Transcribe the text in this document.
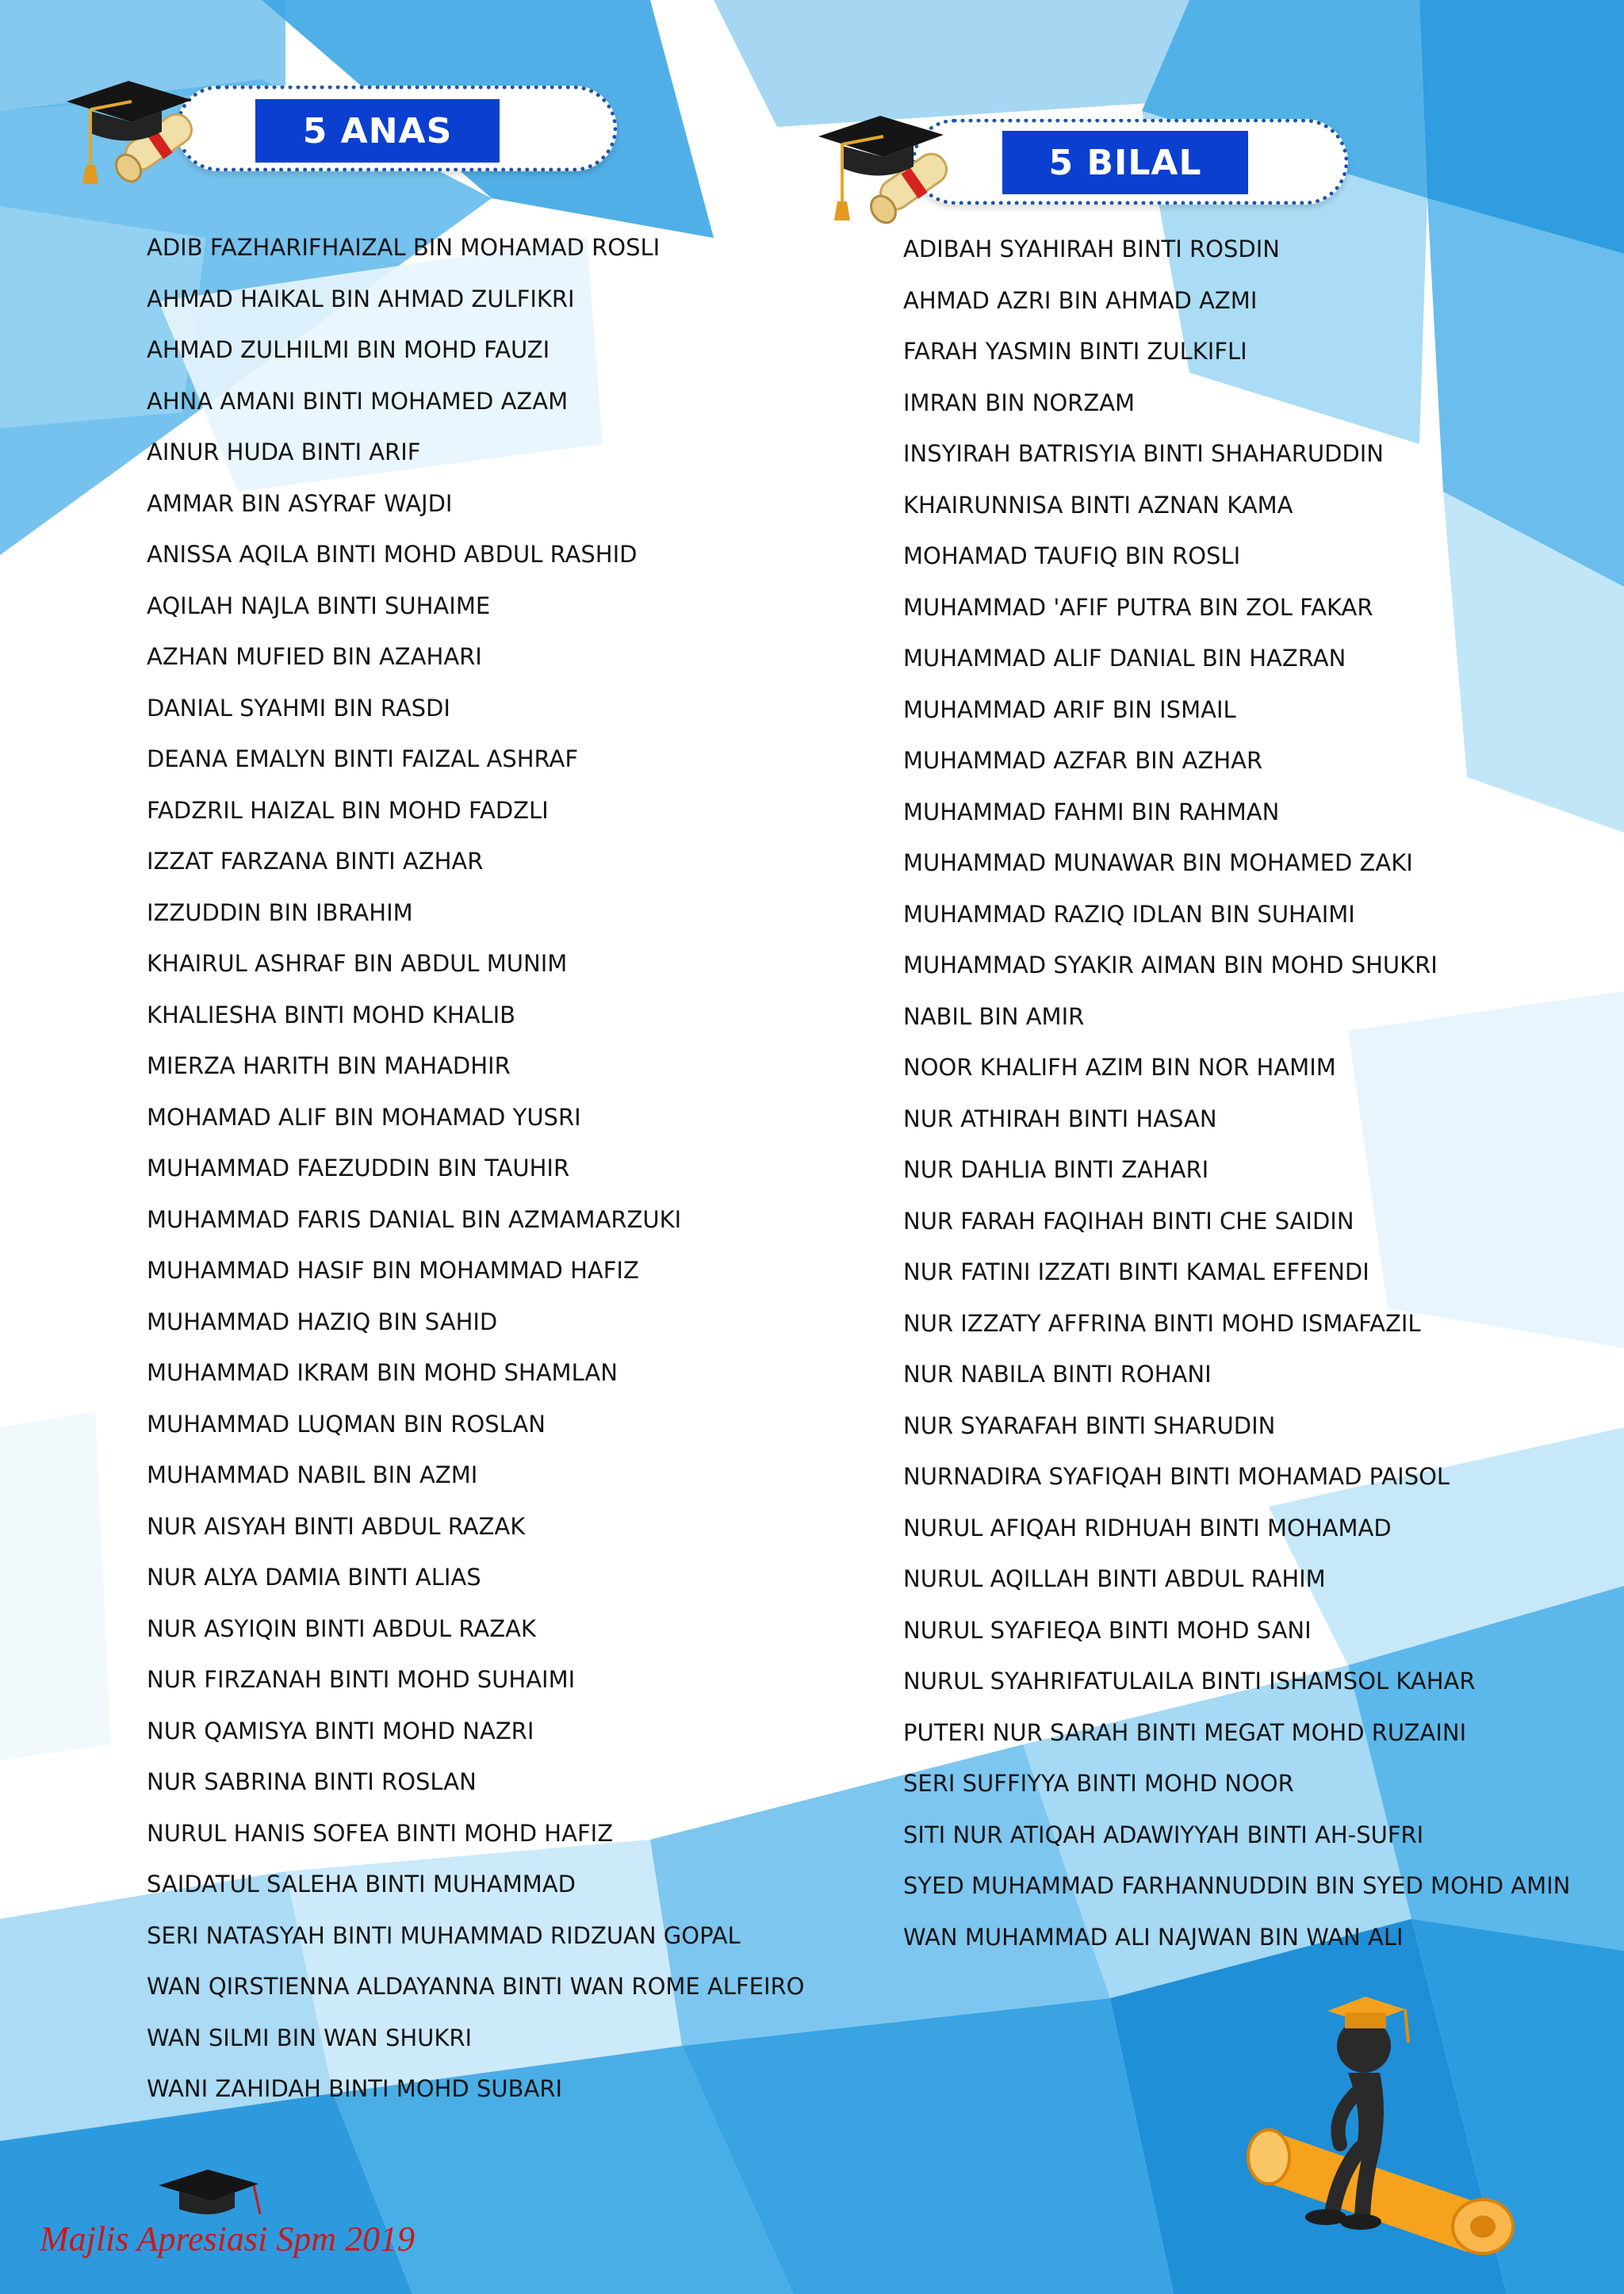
5 ANAS
5 BILAL
ADIB FAZHARIFHAIZAL BIN MOHAMAD ROSLI
AHMAD HAIKAL BIN AHMAD ZULFIKRI
AHMAD ZULHILMI BIN MOHD FAUZI
AHNA AMANI BINTI MOHAMED AZAM
AINUR HUDA BINTI ARIF
AMMAR BIN ASYRAF WAJDI
ANISSA AQILA BINTI MOHD ABDUL RASHID
AQILAH NAJLA BINTI SUHAIME
AZHAN MUFIED BIN AZAHARI
DANIAL SYAHMI BIN RASDI
DEANA EMALYN BINTI FAIZAL ASHRAF
FADZRIL HAIZAL BIN MOHD FADZLI
IZZAT FARZANA BINTI AZHAR
IZZUDDIN BIN IBRAHIM
KHAIRUL ASHRAF BIN ABDUL MUNIM
KHALIESHA BINTI MOHD KHALIB
MIERZA HARITH BIN MAHADHIR
MOHAMAD ALIF BIN MOHAMAD YUSRI
MUHAMMAD FAEZUDDIN BIN TAUHIR
MUHAMMAD FARIS DANIAL BIN AZMAMARZUKI
MUHAMMAD HASIF BIN MOHAMMAD HAFIZ
MUHAMMAD HAZIQ BIN SAHID
MUHAMMAD IKRAM BIN MOHD SHAMLAN
MUHAMMAD LUQMAN BIN ROSLAN
MUHAMMAD NABIL BIN AZMI
NUR AISYAH BINTI ABDUL RAZAK
NUR ALYA DAMIA BINTI ALIAS
NUR ASYIQIN BINTI ABDUL RAZAK
NUR FIRZANAH BINTI MOHD SUHAIMI
NUR QAMISYA BINTI MOHD NAZRI
NUR SABRINA BINTI ROSLAN
NURUL HANIS SOFEA BINTI MOHD HAFIZ
SAIDATUL SALEHA BINTI MUHAMMAD
SERI NATASYAH BINTI MUHAMMAD RIDZUAN GOPAL
WAN QIRSTIENNA ALDAYANNA BINTI WAN ROME ALFEIRO
WAN SILMI BIN WAN SHUKRI
WANI ZAHIDAH BINTI MOHD SUBARI
ADIBAH SYAHIRAH BINTI ROSDIN
AHMAD AZRI BIN AHMAD AZMI
FARAH YASMIN BINTI ZULKIFLI
IMRAN BIN NORZAM
INSYIRAH BATRISYIA BINTI SHAHARUDDIN
KHAIRUNNISA BINTI AZNAN KAMA
MOHAMAD TAUFIQ BIN ROSLI
MUHAMMAD 'AFIF PUTRA BIN ZOL FAKAR
MUHAMMAD ALIF DANIAL BIN HAZRAN
MUHAMMAD ARIF BIN ISMAIL
MUHAMMAD AZFAR BIN AZHAR
MUHAMMAD FAHMI BIN RAHMAN
MUHAMMAD MUNAWAR BIN MOHAMED ZAKI
MUHAMMAD RAZIQ IDLAN BIN SUHAIMI
MUHAMMAD SYAKIR AIMAN BIN MOHD SHUKRI
NABIL BIN AMIR
NOOR KHALIFH AZIM BIN NOR HAMIM
NUR ATHIRAH BINTI HASAN
NUR DAHLIA BINTI ZAHARI
NUR FARAH FAQIHAH BINTI CHE SAIDIN
NUR FATINI IZZATI BINTI KAMAL EFFENDI
NUR IZZATY AFFRINA BINTI MOHD ISMAFAZIL
NUR NABILA BINTI ROHANI
NUR SYARAFAH BINTI SHARUDIN
NURNADIRA SYAFIQAH BINTI MOHAMAD PAISOL
NURUL AFIQAH RIDHUAH BINTI MOHAMAD
NURUL AQILLAH BINTI ABDUL RAHIM
NURUL SYAFIEQA BINTI MOHD SANI
NURUL SYAHRIFATULAILA BINTI ISHAMSOL KAHAR
PUTERI NUR SARAH BINTI MEGAT MOHD RUZAINI
SERI SUFFIYYA BINTI MOHD NOOR
SITI NUR ATIQAH ADAWIYYAH BINTI AH-SUFRI
SYED MUHAMMAD FARHANNUDDIN BIN SYED MOHD AMIN
WAN MUHAMMAD ALI NAJWAN BIN WAN ALI
Majlis Apresiasi Spm 2019
